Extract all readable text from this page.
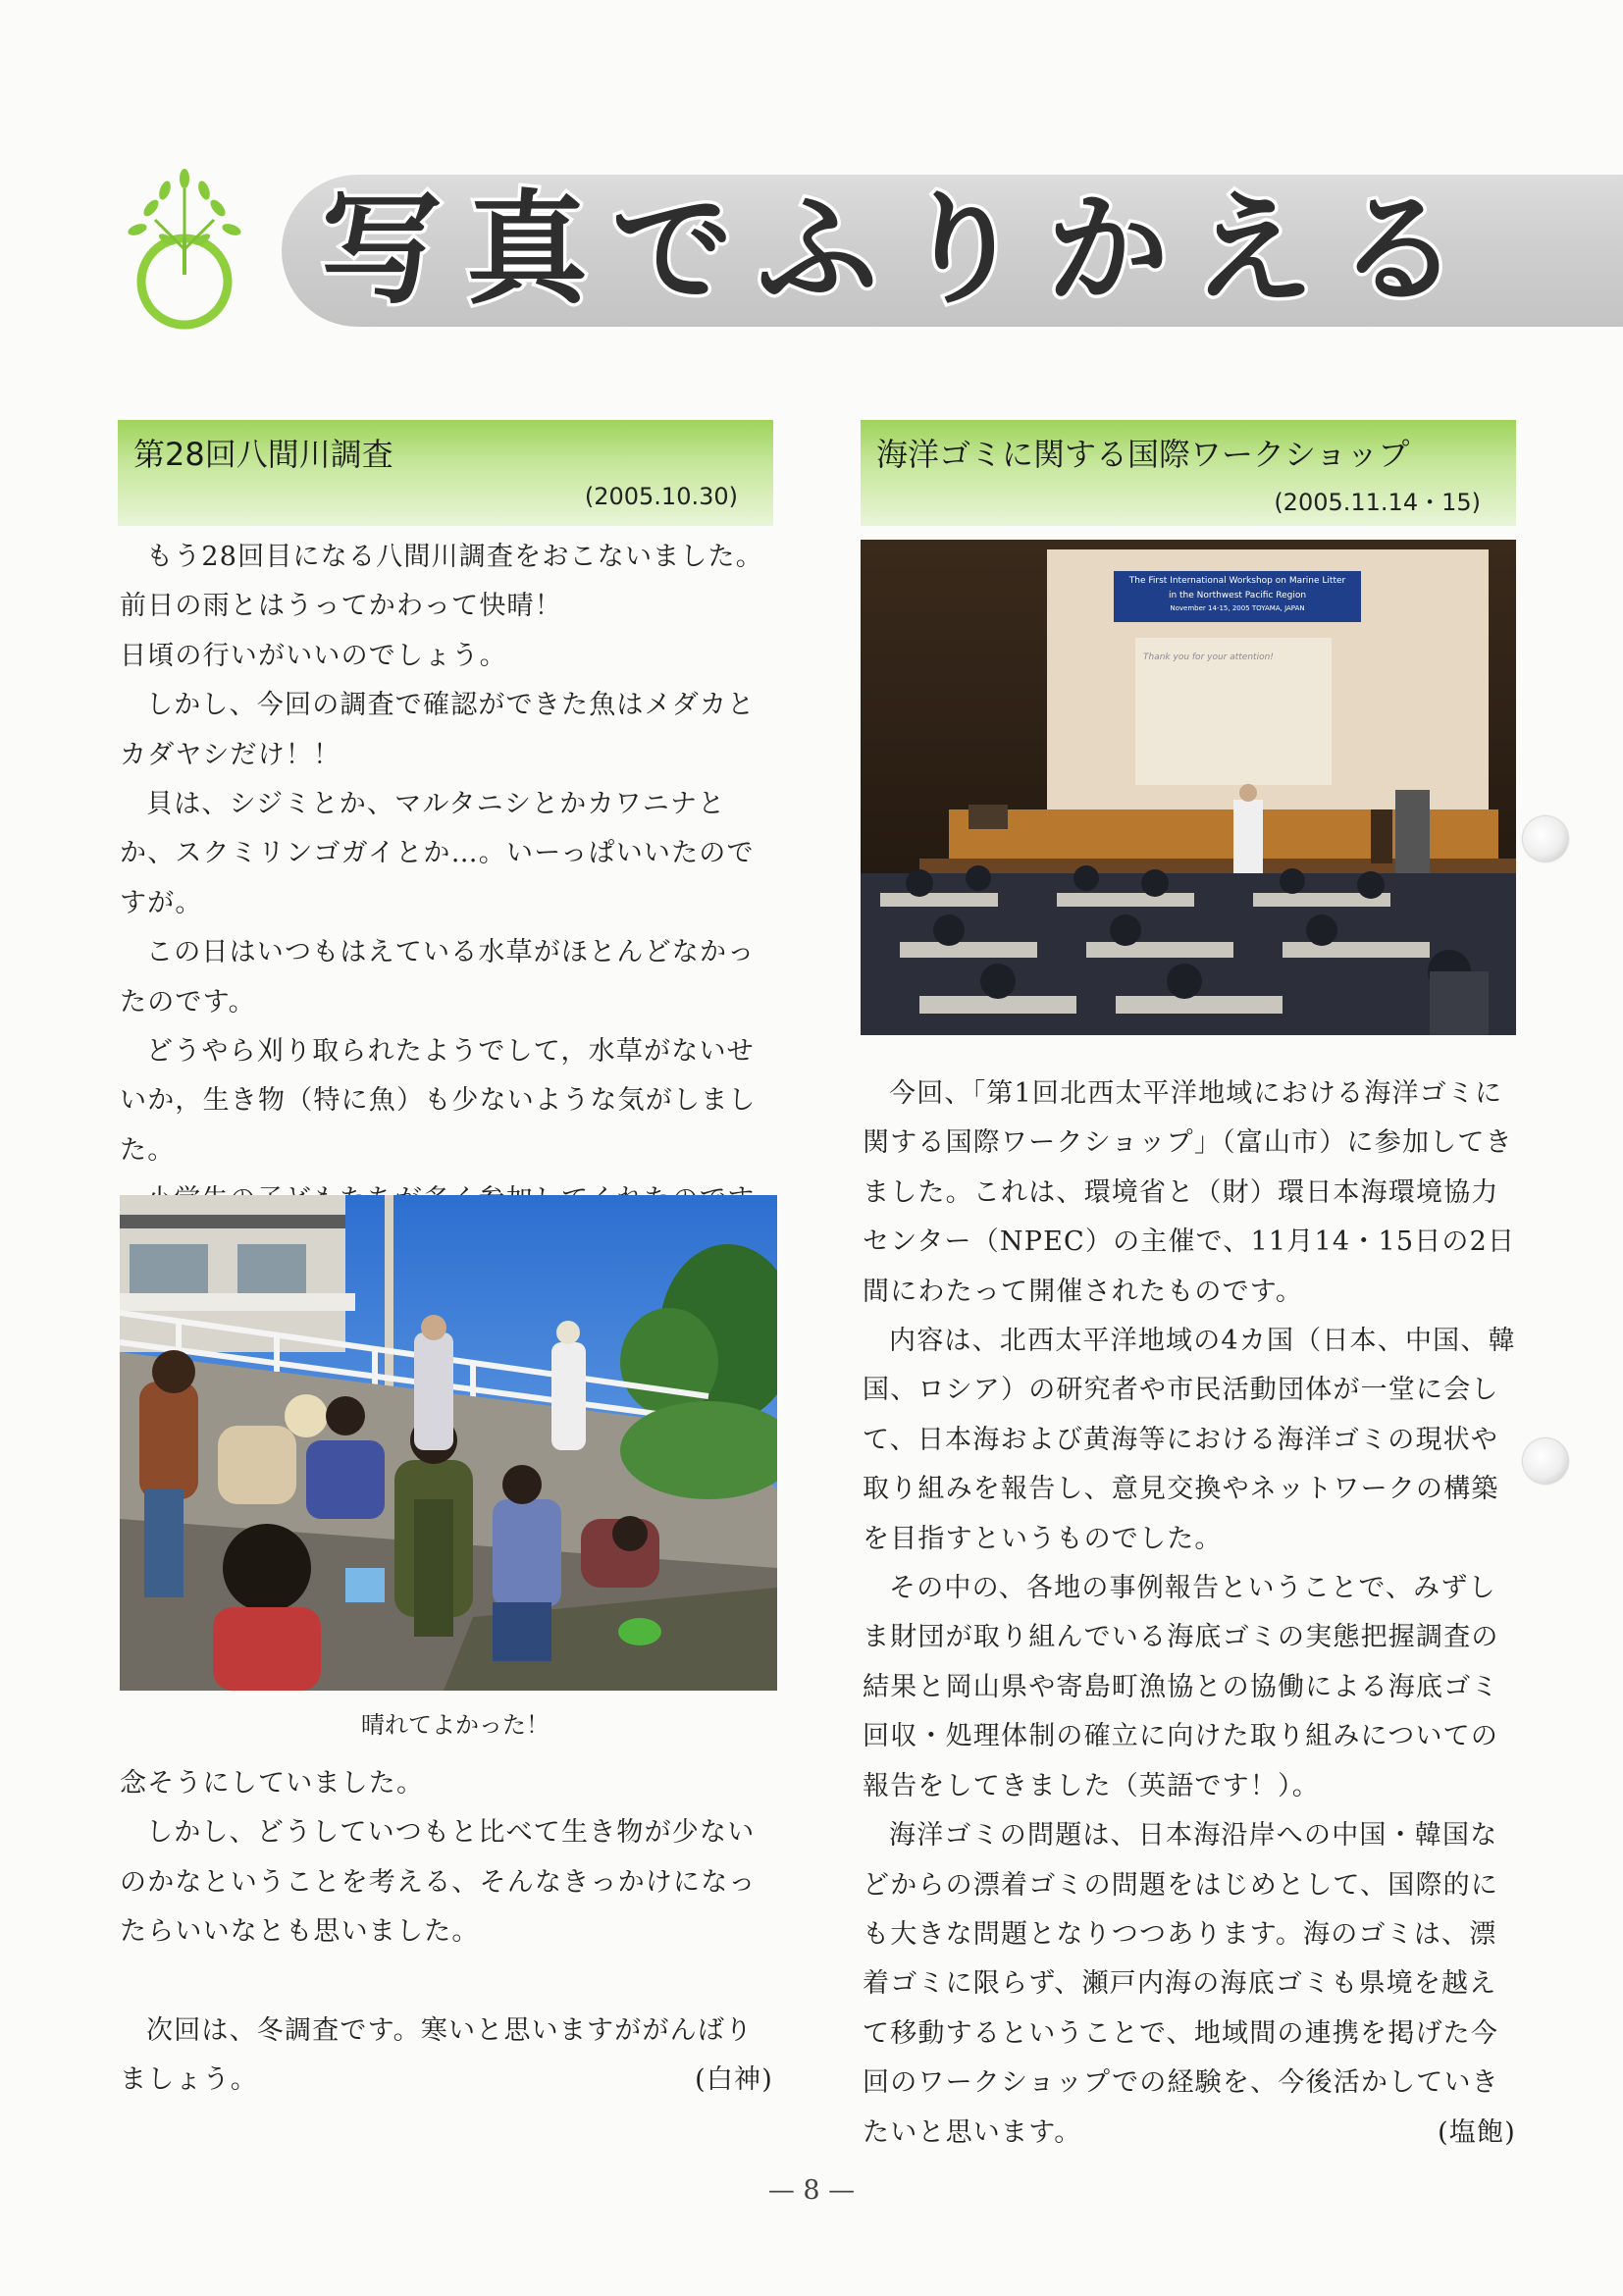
写真でふりかえる
第28回八間川調査
(2005.10.30)

もう28回目になる八間川調査をおこないました。

前日の雨とはうってかわって快晴！

日頃の行いがいいのでしょう。

しかし、今回の調査で確認ができた魚はメダカとカダヤシだけ！！

貝は、シジミとか、マルタニシとかカワニナとか、スクミリンゴガイとか…。いーっぱいいたのですが。

この日はいつもはえている水草がほとんどなかったのです。

どうやら刈り取られたようでして，水草がないせいか，生き物（特に魚）も少ないような気がしました。

晴れてよかった！

念そうにしていました。

しかし、どうしていつもと比べて生き物が少ないのかなということを考える、そんなきっかけになったらいいなとも思いました。

次回は、冬調査です。寒いと思いますががんばりましょう。	(白神)

海洋ゴミに関する国際ワークショップ
(2005.11.14・15)
The First International Workshop on Marine Litter
in the Northwest Pacific Region
November 14-15, 2005 TOYAMA, JAPAN
Thank you for your attention!

今回、「第1回北西太平洋地域における海洋ゴミに関する国際ワークショップ」（富山市）に参加してきました。これは、環境省と（財）環日本海環境協力センター（NPEC）の主催で、11月14・15日の2日間にわたって開催されたものです。

内容は、北西太平洋地域の4カ国（日本、中国、韓国、ロシア）の研究者や市民活動団体が一堂に会して、日本海および黄海等における海洋ゴミの現状や取り組みを報告し、意見交換やネットワークの構築を目指すというものでした。

その中の、各地の事例報告ということで、みずしま財団が取り組んでいる海底ゴミの実態把握調査の結果と岡山県や寄島町漁協との協働による海底ゴミ回収・処理体制の確立に向けた取り組みについての報告をしてきました（英語です！）。

海洋ゴミの問題は、日本海沿岸への中国・韓国などからの漂着ゴミの問題をはじめとして、国際的にも大きな問題となりつつあります。海のゴミは、漂着ゴミに限らず、瀬戸内海の海底ゴミも県境を越えて移動するということで、地域間の連携を掲げた今回のワークショップでの経験を、今後活かしていきたいと思います。	(塩飽)

— 8 —
